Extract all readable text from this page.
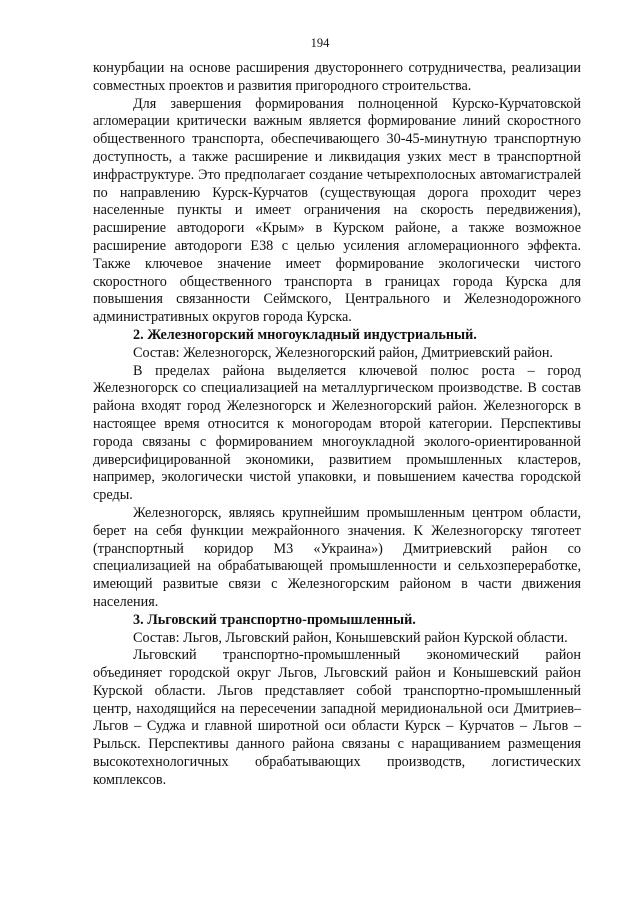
194

конурбации на основе расширения двустороннего сотрудничества, реализации совместных проектов и развития пригородного строительства.

Для завершения формирования полноценной Курско-Курчатовской агломерации критически важным является формирование линий скоростного общественного транспорта, обеспечивающего 30-45-минутную транспортную доступность, а также расширение и ликвидация узких мест в транспортной инфраструктуре. Это предполагает создание четырехполосных автомагистралей по направлению Курск-Курчатов (существующая дорога проходит через населенные пункты и имеет ограничения на скорость передвижения), расширение автодороги «Крым» в Курском районе, а также возможное расширение автодороги Е38 с целью усиления агломерационного эффекта. Также ключевое значение имеет формирование экологически чистого скоростного общественного транспорта в границах города Курска для повышения связанности Сеймского, Центрального и Железнодорожного административных округов города Курска.

2. Железногорский многоукладный индустриальный.

Состав: Железногорск, Железногорский район, Дмитриевский район.

В пределах района выделяется ключевой полюс роста – город Железногорск со специализацией на металлургическом производстве. В состав района входят город Железногорск и Железногорский район. Железногорск в настоящее время относится к моногородам второй категории. Перспективы города связаны с формированием многоукладной эколого-ориентированной диверсифицированной экономики, развитием промышленных кластеров, например, экологически чистой упаковки, и повышением качества городской среды.

Железногорск, являясь крупнейшим промышленным центром области, берет на себя функции межрайонного значения. К Железногорску тяготеет (транспортный коридор М3 «Украина») Дмитриевский район со специализацией на обрабатывающей промышленности и сельхозпереработке, имеющий развитые связи с Железногорским районом в части движения населения.

3. Льговский транспортно-промышленный.

Состав: Льгов, Льговский район, Конышевский район Курской области.

Льговский транспортно-промышленный экономический район объединяет городской округ Льгов, Льговский район и Конышевский район Курской области. Льгов представляет собой транспортно-промышленный центр, находящийся на пересечении западной меридиональной оси Дмитриев–Льгов – Суджа и главной широтной оси области Курск – Курчатов – Льгов – Рыльск. Перспективы данного района связаны с наращиванием размещения высокотехнологичных обрабатывающих производств, логистических комплексов.
